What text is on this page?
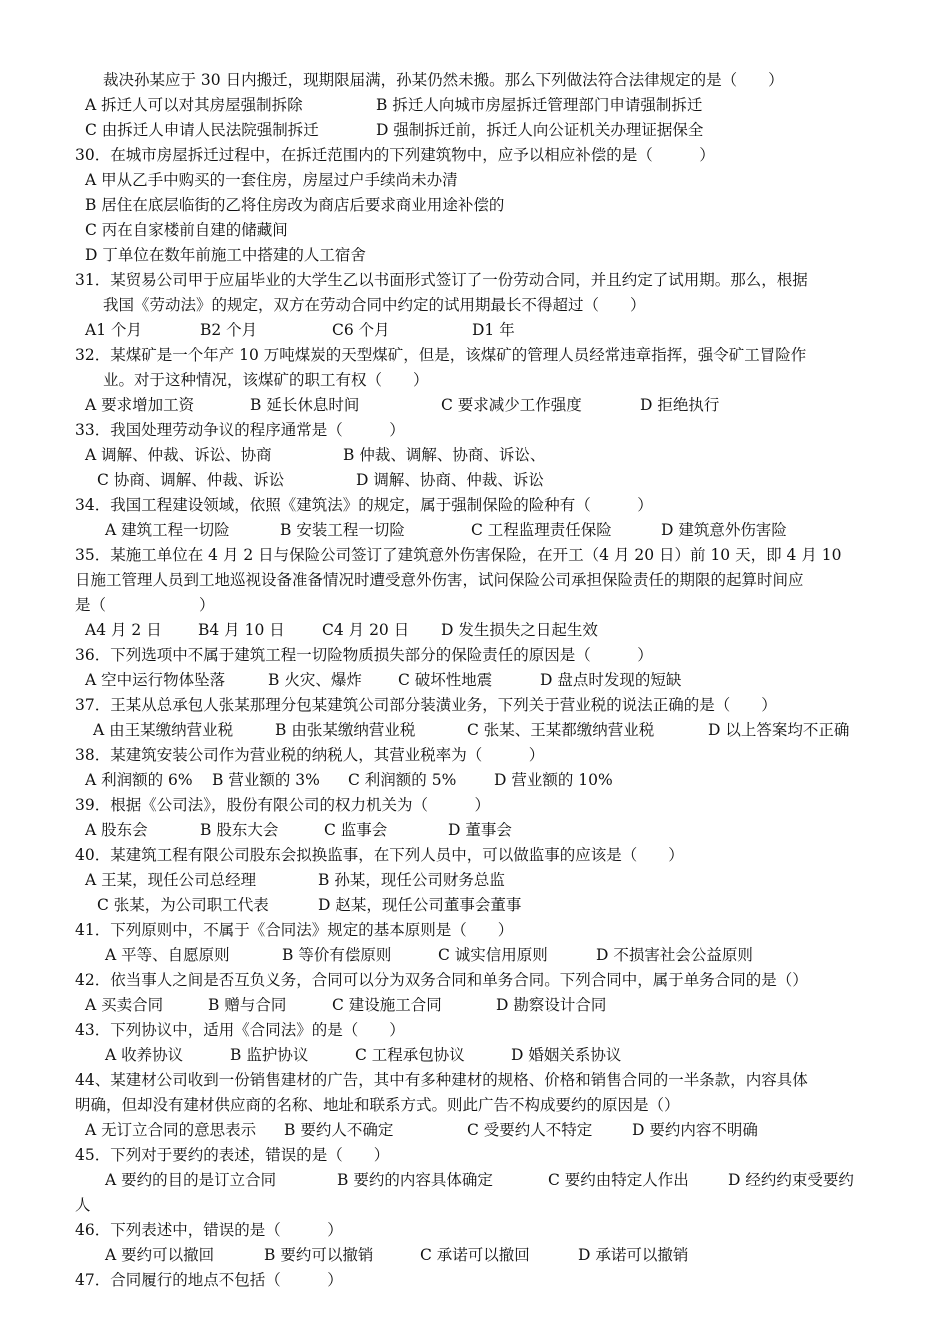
裁决孙某应于 30 日内搬迁，现期限届满，孙某仍然未搬。那么下列做法符合法律规定的是（　　）
A 拆迁人可以对其房屋强制拆除	B 拆迁人向城市房屋拆迁管理部门申请强制拆迁
C 由拆迁人申请人民法院强制拆迁	D 强制拆迁前，拆迁人向公证机关办理证据保全
30．在城市房屋拆迁过程中，在拆迁范围内的下列建筑物中，应予以相应补偿的是（　　　）
A 甲从乙手中购买的一套住房，房屋过户手续尚未办清
B 居住在底层临街的乙将住房改为商店后要求商业用途补偿的
C 丙在自家楼前自建的储藏间
D 丁单位在数年前施工中搭建的人工宿舍
31．某贸易公司甲于应届毕业的大学生乙以书面形式签订了一份劳动合同，并且约定了试用期。那么，根据
我国《劳动法》的规定，双方在劳动合同中约定的试用期最长不得超过（　　）
A1 个月	B2 个月	C6 个月	D1 年
32．某煤矿是一个年产 10 万吨煤炭的天型煤矿，但是，该煤矿的管理人员经常违章指挥，强令矿工冒险作
业。对于这种情况，该煤矿的职工有权（　　）
A 要求增加工资	B 延长休息时间	C 要求减少工作强度	D 拒绝执行
33．我国处理劳动争议的程序通常是（　　　）
A 调解、仲裁、诉讼、协商	B 仲裁、调解、协商、诉讼、
C 协商、调解、仲裁、诉讼	D 调解、协商、仲裁、诉讼
34．我国工程建设领域，依照《建筑法》的规定，属于强制保险的险种有（　　　）
A 建筑工程一切险	B 安装工程一切险	C 工程监理责任保险	D 建筑意外伤害险
35．某施工单位在 4 月 2 日与保险公司签订了建筑意外伤害保险，在开工（4 月 20 日）前 10 天，即 4 月 10
日施工管理人员到工地巡视设备准备情况时遭受意外伤害，试问保险公司承担保险责任的期限的起算时间应
是（　　　　　　）
A4 月 2 日 B4 月 10 日 C4 月 20 日 D 发生损失之日起生效
36．下列选项中不属于建筑工程一切险物质损失部分的保险责任的原因是（　　　）
A 空中运行物体坠落	B 火灾、爆炸 C 破坏性地震	D 盘点时发现的短缺
37．王某从总承包人张某那理分包某建筑公司部分装潢业务，下列关于营业税的说法正确的是（　　）
A 由王某缴纳营业税	B 由张某缴纳营业税	C 张某、王某都缴纳营业税	D 以上答案均不正确
38．某建筑安装公司作为营业税的纳税人，其营业税率为（　　　）
A 利润额的 6% B 营业额的 3% C 利润额的 5% D 营业额的 10%
39．根据《公司法》，股份有限公司的权力机关为（　　　）
A 股东会	B 股东大会	C 监事会	D 董事会
40．某建筑工程有限公司股东会拟换监事，在下列人员中，可以做监事的应该是（　　）
A 王某，现任公司总经理	B 孙某，现任公司财务总监
C 张某，为公司职工代表	D 赵某，现任公司董事会董事
41．下列原则中，不属于《合同法》规定的基本原则是（　　）
A 平等、自愿原则	B 等价有偿原则	C 诚实信用原则	D 不损害社会公益原则
42．依当事人之间是否互负义务，合同可以分为双务合同和单务合同。下列合同中，属于单务合同的是（）
A 买卖合同	B 赠与合同	C 建设施工合同	D 勘察设计合同
43．下列协议中，适用《合同法》的是（　　）
A 收养协议	B 监护协议	C 工程承包协议	D 婚姻关系协议
44、某建材公司收到一份销售建材的广告，其中有多种建材的规格、价格和销售合同的一半条款，内容具体
明确，但却没有建材供应商的名称、地址和联系方式。则此广告不构成要约的原因是（）
A 无订立合同的意思表示 B 要约人不确定	C 受要约人不特定	D 要约内容不明确
45．下列对于要约的表述，错误的是（　　）
A 要约的目的是订立合同	B 要约的内容具体确定	C 要约由特定人作出	D 经约约束受要约
人
46．下列表述中，错误的是（　　　）
A 要约可以撤回	B 要约可以撤销	C 承诺可以撤回	D 承诺可以撤销
47．合同履行的地点不包括（　　　）
